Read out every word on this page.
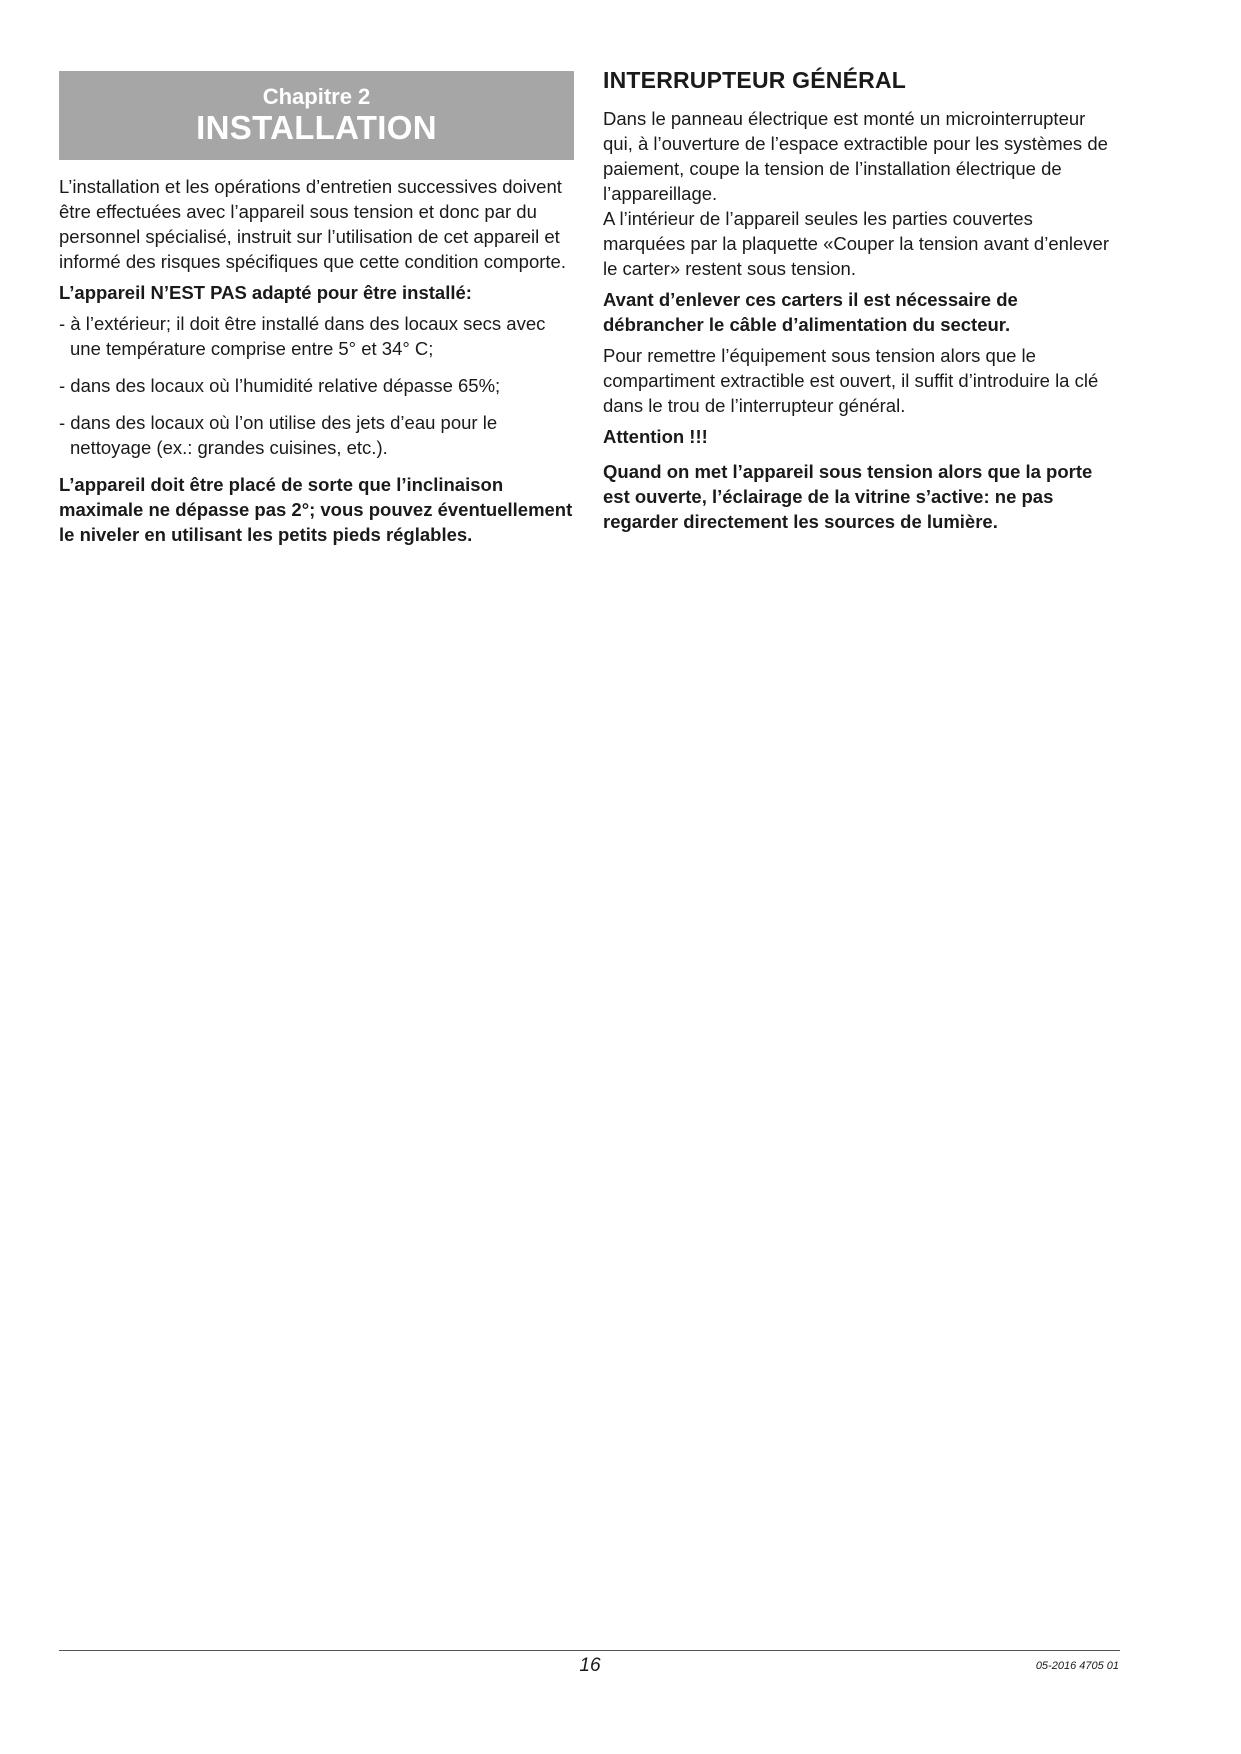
Chapitre 2
INSTALLATION

L’installation et les opérations d’entretien successives doivent être effectuées avec l’appareil sous tension et donc par du personnel spécialisé, instruit sur l’utilisation de cet appareil et informé des risques spécifiques que cette condition comporte.

L’appareil N’EST PAS adapté pour être installé:

- à l’extérieur; il doit être installé dans des locaux secs avec une température comprise entre 5° et 34° C;
- dans des locaux où l’humidité relative dépasse 65%;
- dans des locaux où l’on utilise des jets d’eau pour le nettoyage (ex.: grandes cuisines, etc.).

L’appareil doit être placé de sorte que l’inclinaison maximale ne dépasse pas 2°; vous pouvez éventuellement le niveler en utilisant les petits pieds réglables.

INTERRUPTEUR GÉNÉRAL

Dans le panneau électrique est monté un microinterrupteur qui, à l’ouverture de l’espace extractible pour les systèmes de paiement, coupe la tension de l’installation électrique de l’appareillage.

A l’intérieur de l’appareil seules les parties couvertes marquées par la plaquette «Couper la tension avant d’enlever le carter» restent sous tension.

Avant d’enlever ces carters il est nécessaire de débrancher le câble d’alimentation du secteur.

Pour remettre l’équipement sous tension alors que le compartiment extractible est ouvert, il suffit d’introduire la clé dans le trou de l’interrupteur général.

Attention !!!

Quand on met l’appareil sous tension alors que la porte est ouverte, l’éclairage de la vitrine s’active: ne pas regarder directement les sources de lumière.

16	05-2016 4705 01
